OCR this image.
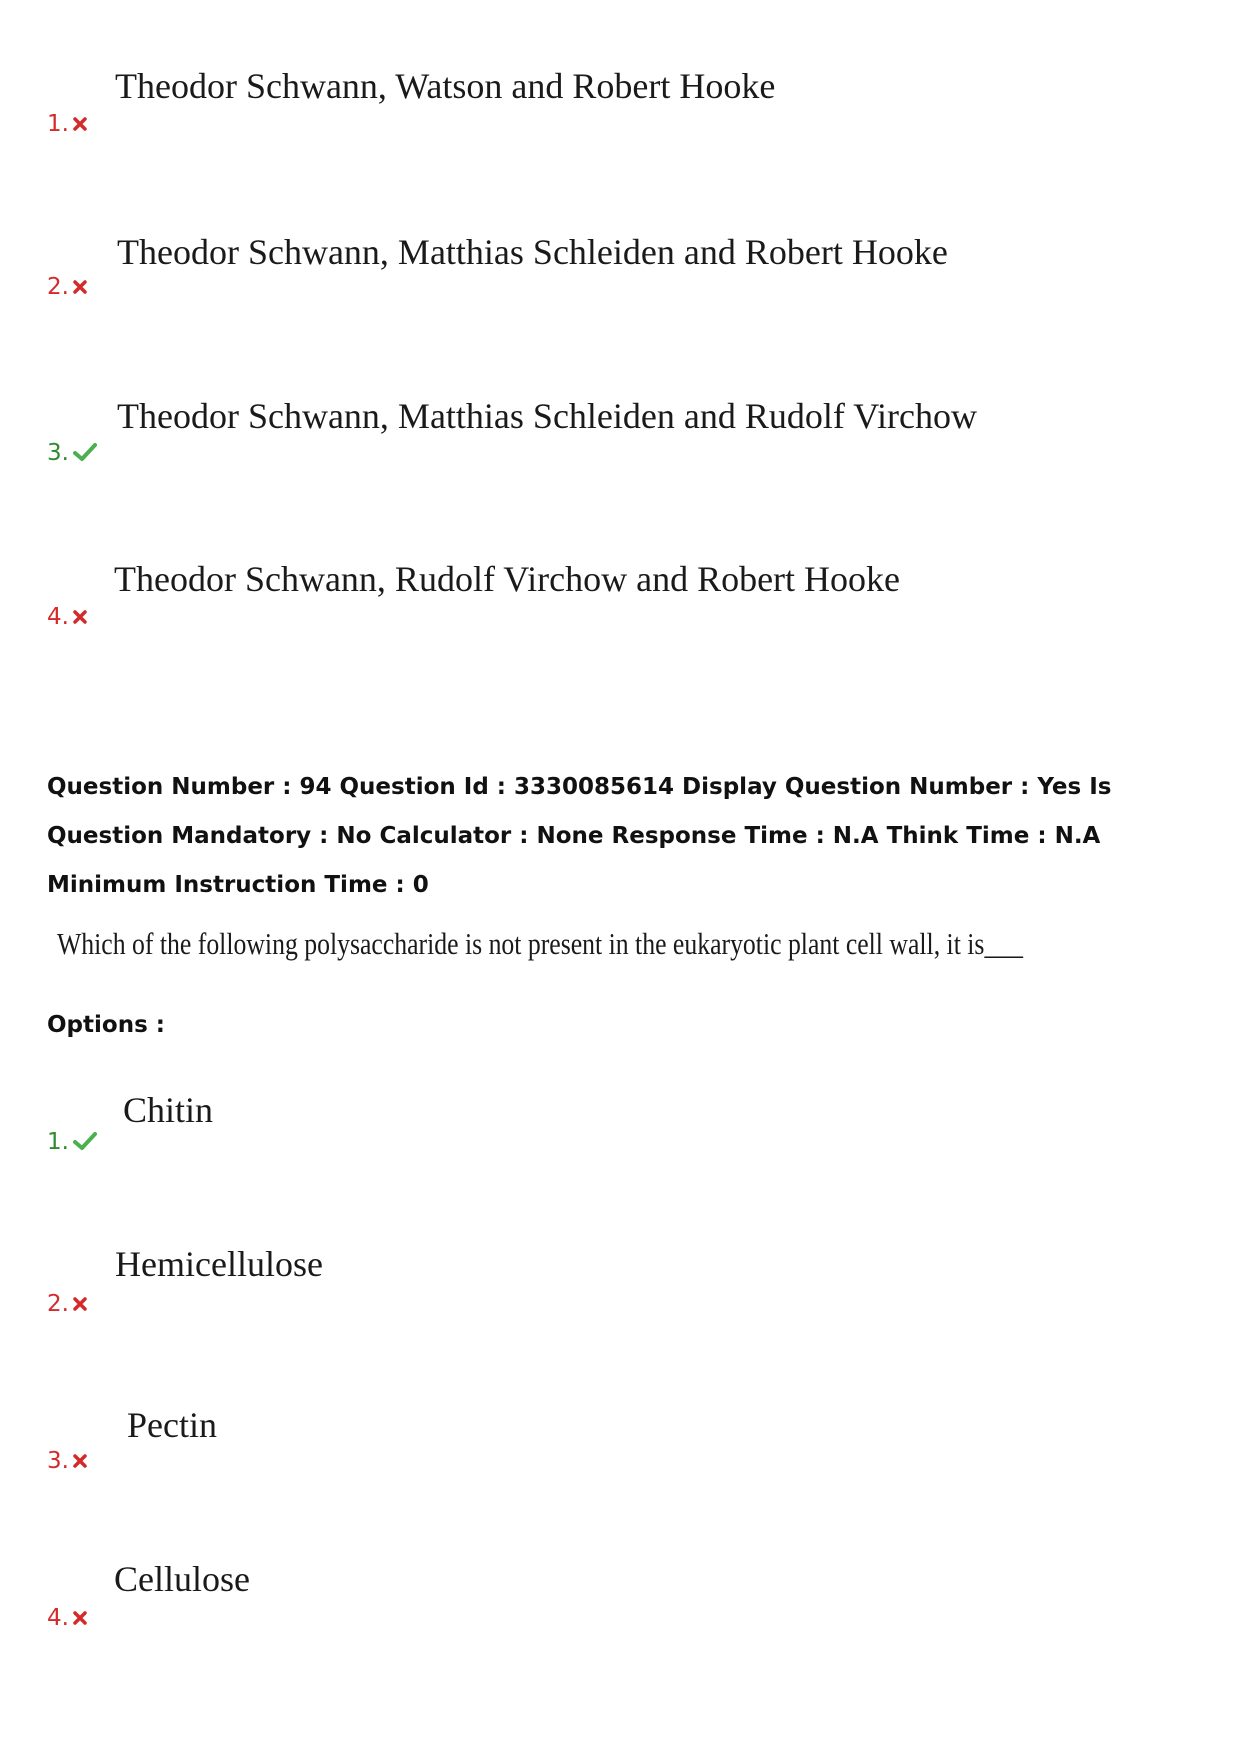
Theodor Schwann, Watson and Robert Hooke
1.
Theodor Schwann, Matthias Schleiden and Robert Hooke
2.
Theodor Schwann, Matthias Schleiden and Rudolf Virchow
3.
Theodor Schwann, Rudolf Virchow and Robert Hooke
4.
Question Number : 94 Question Id : 3330085614 Display Question Number : Yes Is Question Mandatory : No Calculator : None Response Time : N.A Think Time : N.A Minimum Instruction Time : 0
Which of the following polysaccharide is not present in the eukaryotic plant cell wall, it is___
Options :
Chitin
1.
Hemicellulose
2.
Pectin
3.
Cellulose
4.
